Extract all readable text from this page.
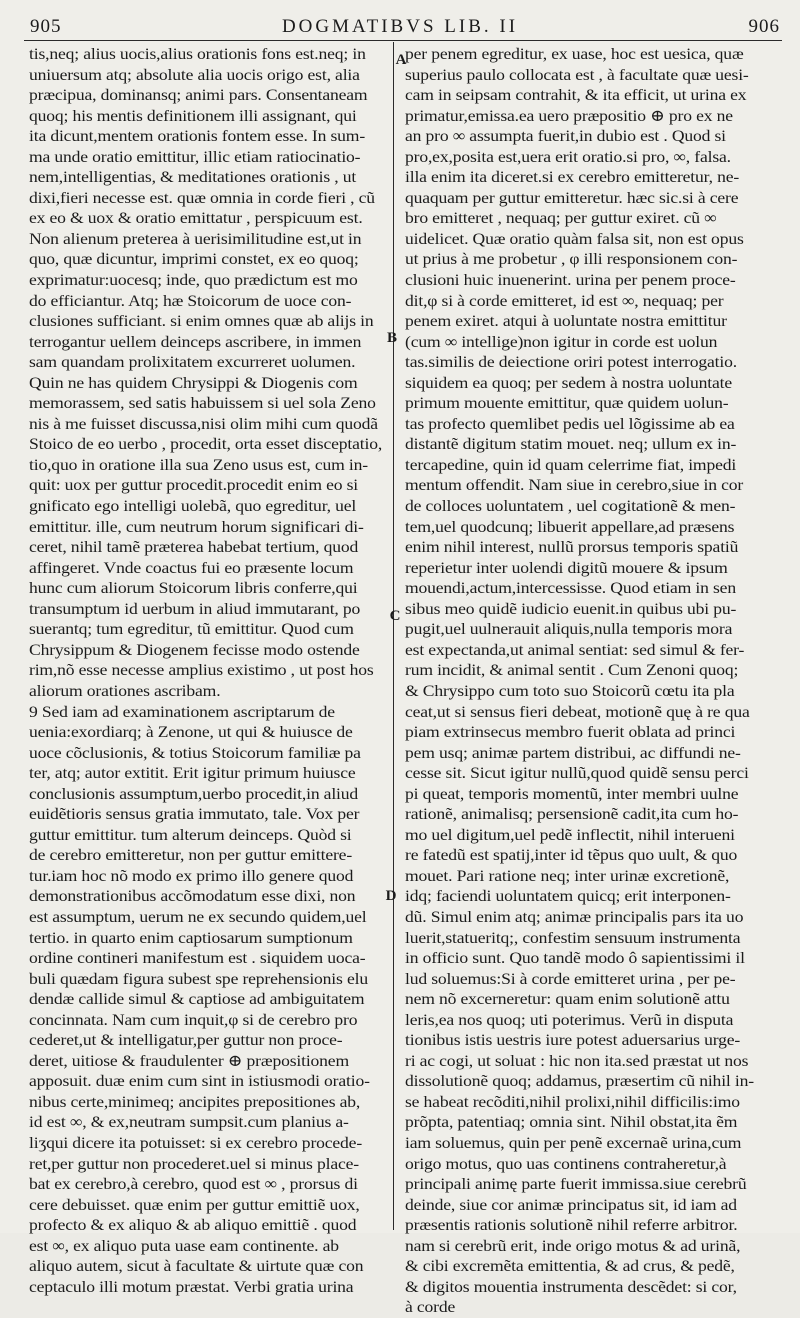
905	DOGMATIBVS LIB. II	906
A
B
C
D
tis,neq; alius uocis,alius orationis fons est.neq; in
uniuersum atq; absolute alia uocis origo est, alia
præcipua, dominansq; animi pars. Consentaneam
quoq; his mentis definitionem illi assignant, qui
ita dicunt,mentem orationis fontem esse. In sum-
ma unde oratio emittitur, illic etiam ratiocinatio-
nem,intelligentias, & meditationes orationis , ut
dixi,fieri necesse est. quæ omnia in corde fieri , cũ
ex eo & uox & oratio emittatur , perspicuum est.
Non alienum preterea à uerisimilitudine est,ut in
quo, quæ dicuntur, imprimi constet, ex eo quoq;
exprimatur:uocesq; inde, quo prædictum est mo
do efficiantur. Atq; hæ Stoicorum de uoce con-
clusiones sufficiant. si enim omnes quæ ab alijs in
terrogantur uellem deinceps ascribere, in immen
sam quandam prolixitatem excurreret uolumen.
Quin ne has quidem Chrysippi & Diogenis com
memorassem, sed satis habuissem si uel sola Zeno
nis à me fuisset discussa,nisi olim mihi cum quodã
Stoico de eo uerbo , procedit, orta esset disceptatio,
tio,quo in oratione illa sua Zeno usus est, cum in-
quit: uox per guttur procedit.procedit enim eo si
gnificato ego intelligi uolebã, quo egreditur, uel
emittitur. ille, cum neutrum horum significari di-
ceret, nihil tamẽ præterea habebat tertium, quod
affingeret. Vnde coactus fui eo præsente locum
hunc cum aliorum Stoicorum libris conferre,qui
transumptum id uerbum in aliud immutarant, po
suerantq; tum egreditur, tũ emittitur. Quod cum
Chrysippum & Diogenem fecisse modo ostende
rim,nõ esse necesse amplius existimo , ut post hos
aliorum orationes ascribam.
9 Sed iam ad examinationem ascriptarum de
uenia:exordiarq; à Zenone, ut qui & huiusce de
uoce cõclusionis, & totius Stoicorum familiæ pa
ter, atq; autor extitit. Erit igitur primum huiusce
conclusionis assumptum,uerbo procedit,in aliud
euidẽtioris sensus gratia immutato, tale. Vox per
guttur emittitur. tum alterum deinceps. Quòd si
de cerebro emitteretur, non per guttur emittere-
tur.iam hoc nõ modo ex primo illo genere quod
demonstrationibus accõmodatum esse dixi, non
est assumptum, uerum ne ex secundo quidem,uel
tertio. in quarto enim captiosarum sumptionum
ordine contineri manifestum est . siquidem uoca-
buli quædam figura subest spe reprehensionis elu
dendæ callide simul & captiose ad ambiguitatem
concinnata. Nam cum inquit,φ si de cerebro pro
cederet,ut & intelligatur,per guttur non proce-
deret, uitiose & fraudulenter ⊕ præpositionem
apposuit. duæ enim cum sint in istiusmodi oratio-
nibus certe,minimeq; ancipites prepositiones ab,
id est ∞, & ex,neutram sumpsit.cum planius a-
liʒqui dicere ita potuisset: si ex cerebro procede-
ret,per guttur non procederet.uel si minus place-
bat ex cerebro,à cerebro, quod est ∞ , prorsus di
cere debuisset. quæ enim per guttur emittiẽ uox,
profecto & ex aliquo & ab aliquo emittiẽ . quod
est ∞, ex aliquo puta uase eam continente. ab
aliquo autem, sicut à facultate & uirtute quæ con
ceptaculo illi motum præstat. Verbi gratia urina
per penem egreditur, ex uase, hoc est uesica, quæ
superius paulo collocata est , à facultate quæ uesi-
cam in seipsam contrahit, & ita efficit, ut urina ex
primatur,emissa.ea uero præpositio ⊕ pro ex ne
an pro ∞ assumpta fuerit,in dubio est . Quod si
pro,ex,posita est,uera erit oratio.si pro, ∞, falsa.
illa enim ita diceret.si ex cerebro emitteretur, ne-
quaquam per guttur emitteretur. hæc sic.si à cere
bro emitteret , nequaq; per guttur exiret. cũ ∞
uidelicet. Quæ oratio quàm falsa sit, non est opus
ut prius à me probetur , φ illi responsionem con-
clusioni huic inuenerint. urina per penem proce-
dit,φ si à corde emitteret, id est ∞, nequaq; per
penem exiret. atqui à uoluntate nostra emittitur
(cum ∞ intellige)non igitur in corde est uolun
tas.similis de deiectione oriri potest interrogatio.
siquidem ea quoq; per sedem à nostra uoluntate
primum mouente emittitur, quæ quidem uolun-
tas profecto quemlibet pedis uel lõgissime ab ea
distantẽ digitum statim mouet. neq; ullum ex in-
tercapedine, quin id quam celerrime fiat, impedi
mentum offendit. Nam siue in cerebro,siue in cor
de colloces uoluntatem , uel cogitationẽ & men-
tem,uel quodcunq; libuerit appellare,ad præsens
enim nihil interest, nullũ prorsus temporis spatiũ
reperietur inter uolendi digitũ mouere & ipsum
mouendi,actum,intercessisse. Quod etiam in sen
sibus meo quidẽ iudicio euenit.in quibus ubi pu-
pugit,uel uulnerauit aliquis,nulla temporis mora
est expectanda,ut animal sentiat: sed simul & fer-
rum incidit, & animal sentit . Cum Zenoni quoq;
& Chrysippo cum toto suo Stoicorũ cœtu ita pla
ceat,ut si sensus fieri debeat, motionẽ quę à re qua
piam extrinsecus membro fuerit oblata ad princi
pem usq; animæ partem distribui, ac diffundi ne-
cesse sit. Sicut igitur nullũ,quod quidẽ sensu perci
pi queat, temporis momentũ, inter membri uulne
rationẽ, animalisq; persensionẽ cadit,ita cum ho-
mo uel digitum,uel pedẽ inflectit, nihil interueni
re fatedũ est spatij,inter id tẽpus quo uult, & quo
mouet. Pari ratione neq; inter urinæ excretionẽ,
idq; faciendi uoluntatem quicq; erit interponen-
dũ. Simul enim atq; animæ principalis pars ita uo
luerit,statueritq;, confestim sensuum instrumenta
in officio sunt. Quo tandẽ modo ô sapientissimi il
lud soluemus:Si à corde emitteret urina , per pe-
nem nõ excerneretur: quam enim solutionẽ attu
leris,ea nos quoq; uti poterimus. Verũ in disputa
tionibus istis uestris iure potest aduersarius urge-
ri ac cogi, ut soluat : hic non ita.sed præstat ut nos
dissolutionẽ quoq; addamus, præsertim cũ nihil in-
se habeat recõditi,nihil prolixi,nihil difficilis:imo
prõpta, patentiaq; omnia sint. Nihil obstat,ita ẽm
iam soluemus, quin per penẽ excernaẽ urina,cum
origo motus, quo uas continens contraheretur,à
principali animę parte fuerit immissa.siue cerebrũ
deinde, siue cor animæ principatus sit, id iam ad
præsentis rationis solutionẽ nihil referre arbitror.
nam si cerebrũ erit, inde origo motus & ad urinã,
& cibi excremẽta emittentia, & ad crus, & pedẽ,
& digitos mouentia instrumenta descẽdet: si cor,
à corde
